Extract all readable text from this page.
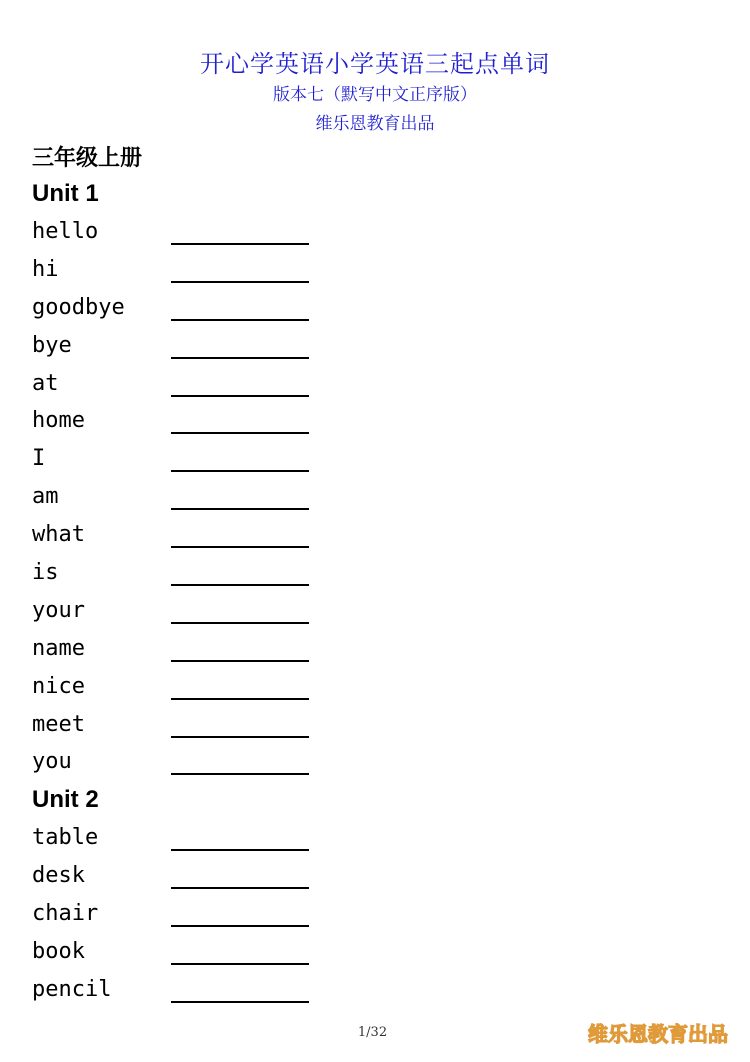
开心学英语小学英语三起点单词
版本七（默写中文正序版）
维乐恩教育出品
三年级上册
Unit 1
hello
hi
goodbye
bye
at
home
I
am
what
is
your
name
nice
meet
you
Unit 2
table
desk
chair
book
pencil
1/32	维乐恩教育出品
